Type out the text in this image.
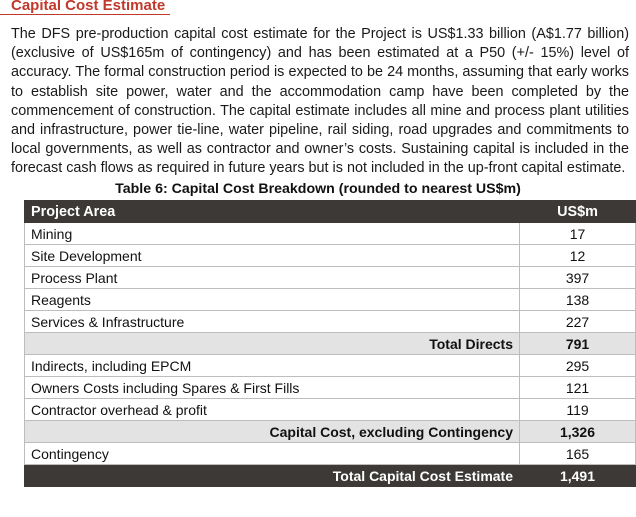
Capital Cost Estimate
The DFS pre-production capital cost estimate for the Project is US$1.33 billion (A$1.77 billion) (exclusive of US$165m of contingency) and has been estimated at a P50 (+/- 15%) level of accuracy. The formal construction period is expected to be 24 months, assuming that early works to establish site power, water and the accommodation camp have been completed by the commencement of construction. The capital estimate includes all mine and process plant utilities and infrastructure, power tie-line, water pipeline, rail siding, road upgrades and commitments to local governments, as well as contractor and owner’s costs. Sustaining capital is included in the forecast cash flows as required in future years but is not included in the up-front capital estimate.
Table 6: Capital Cost Breakdown (rounded to nearest US$m)
Project Area	US$m
Mining	17
Site Development	12
Process Plant	397
Reagents	138
Services & Infrastructure	227
Total Directs	791
Indirects, including EPCM	295
Owners Costs including Spares & First Fills	121
Contractor overhead & profit	119
Capital Cost, excluding Contingency	1,326
Contingency	165
Total Capital Cost Estimate	1,491
